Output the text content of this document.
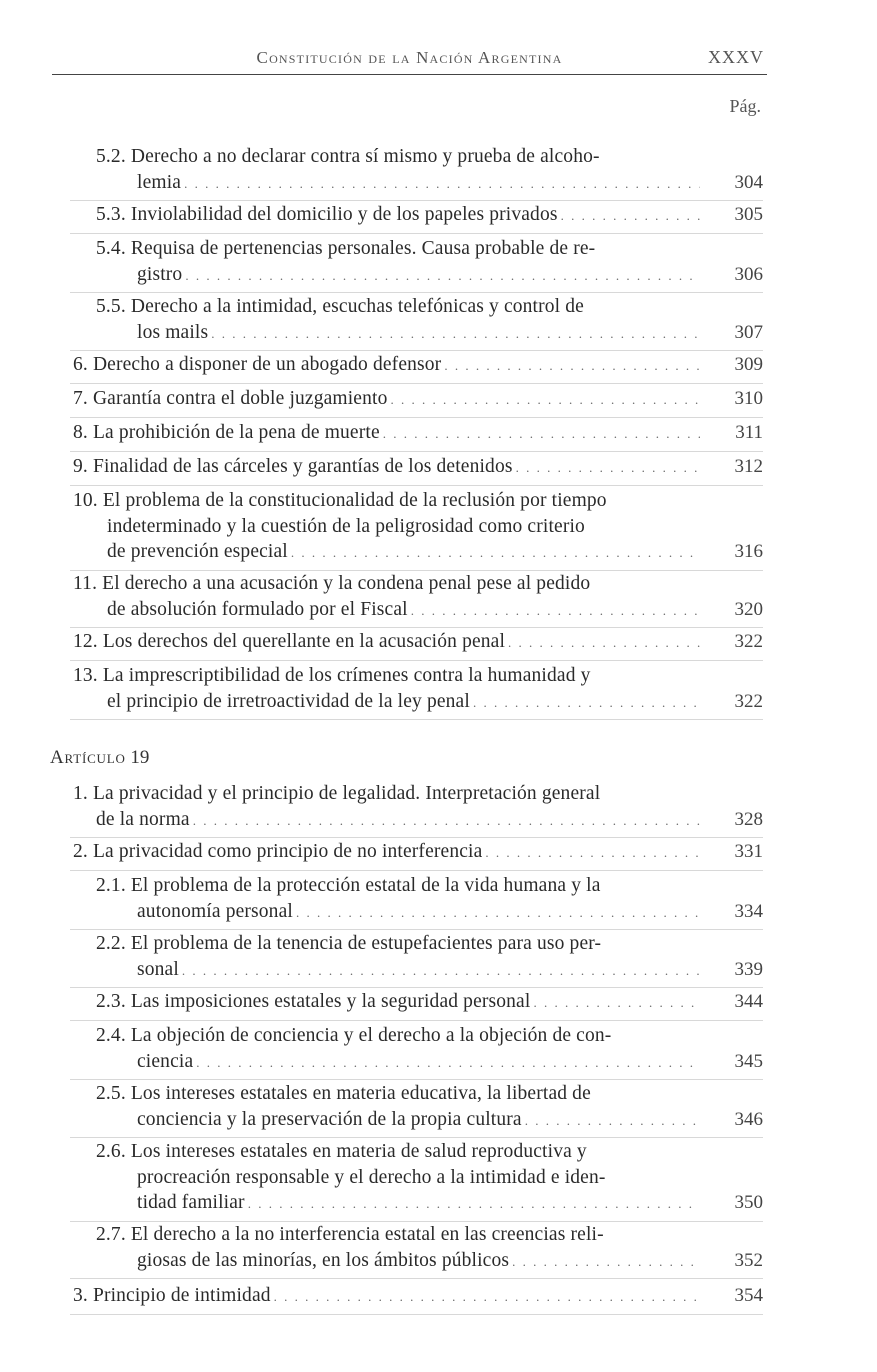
Constitución de la Nación Argentina	XXXV
Pág.
Artículo 19
5.2. Derecho a no declarar contra sí mismo y prueba de alcoho-
lemia . . .	304
5.3. Inviolabilidad del domicilio y de los papeles privados . . .	305
5.4. Requisa de pertenencias personales. Causa probable de re-
gistro . . .	306
5.5. Derecho a la intimidad, escuchas telefónicas y control de
los mails . . .	307
6. Derecho a disponer de un abogado defensor . . .	309
7. Garantía contra el doble juzgamiento . . .	310
8. La prohibición de la pena de muerte . . .	311
9. Finalidad de las cárceles y garantías de los detenidos . . .	312
10. El problema de la constitucionalidad de la reclusión por tiempo
indeterminado y la cuestión de la peligrosidad como criterio
de prevención especial . . .	316
11. El derecho a una acusación y la condena penal pese al pedido
de absolución formulado por el Fiscal . . .	320
12. Los derechos del querellante en la acusación penal . . .	322
13. La imprescriptibilidad de los crímenes contra la humanidad y
el principio de irretroactividad de la ley penal . . .	322
1. La privacidad y el principio de legalidad. Interpretación general
de la norma . . .	328
2. La privacidad como principio de no interferencia . . .	331
2.1. El problema de la protección estatal de la vida humana y la
autonomía personal . . .	334
2.2. El problema de la tenencia de estupefacientes para uso per-
sonal . . .	339
2.3. Las imposiciones estatales y la seguridad personal . . .	344
2.4. La objeción de conciencia y el derecho a la objeción de con-
ciencia . . .	345
2.5. Los intereses estatales en materia educativa, la libertad de
conciencia y la preservación de la propia cultura . . .	346
2.6. Los intereses estatales en materia de salud reproductiva y
procreación responsable y el derecho a la intimidad e iden-
tidad familiar . . .	350
2.7. El derecho a la no interferencia estatal en las creencias reli-
giosas de las minorías, en los ámbitos públicos . . .	352
3. Principio de intimidad . . .	354
